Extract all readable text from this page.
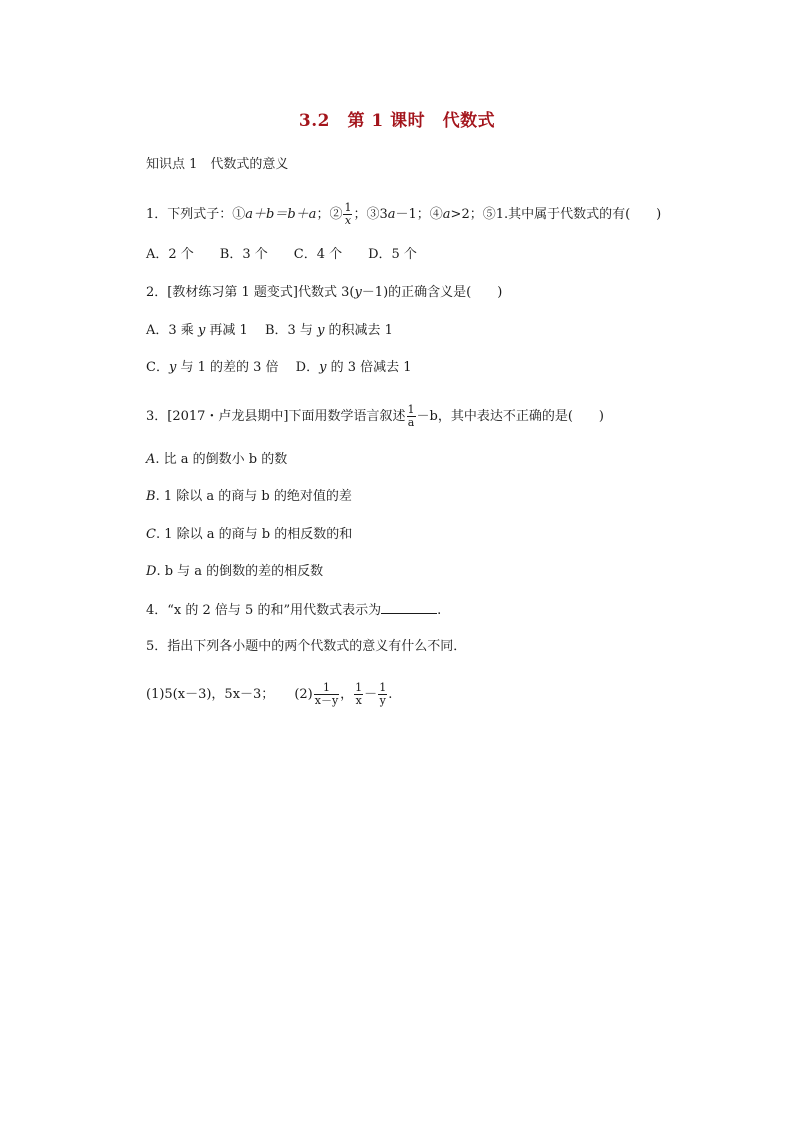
3.2　第 1 课时　代数式
知识点 1　代数式的意义
1．下列式子：①a＋b＝b＋a；② $\frac{1}{x}$ ；③3a－1；④a>2；⑤1.其中属于代数式的有(　　)
A．2 个　　B．3 个　　C．4 个　　D．5 个
2．[教材练习第 1 题变式]代数式 3(y－1)的正确含义是(　　)
A．3 乘 y 再减 1　 B．3 与 y 的积减去 1
C．y 与 1 的差的 3 倍　 D．y 的 3 倍减去 1
3．[2017・卢龙县期中]下面用数学语言叙述 $\frac{1}{a} -b$，其中表达不正确的是(　　)
A. 比 a 的倒数小 b 的数
B. 1 除以 a 的商与 b 的绝对值的差
C. 1 除以 a 的商与 b 的相反数的和
D. b 与 a 的倒数的差的相反数
4．“x 的 2 倍与 5 的和”用代数式表示为	.
5．指出下列各小题中的两个代数式的意义有什么不同．
(1)5(x－3)，5x－3； $(2) \frac{1}{x-y}$ ， $\frac{1}{x} - \frac{1}{y}$ .
